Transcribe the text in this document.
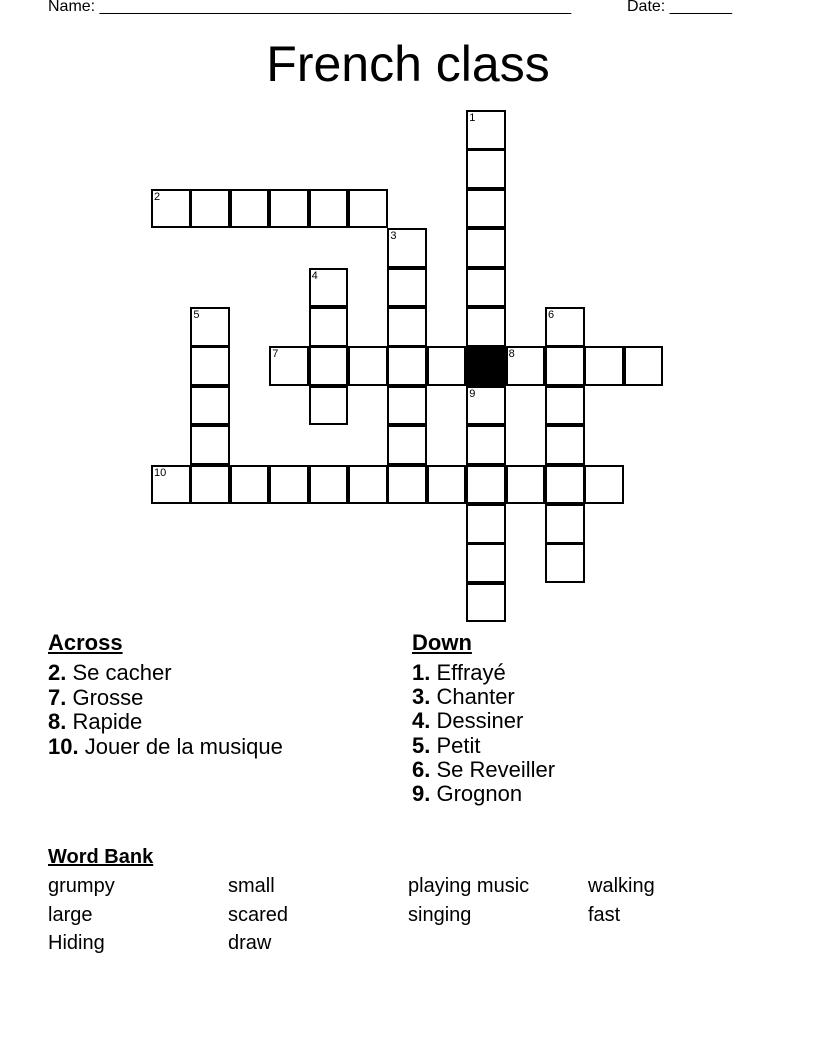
Name: _____________________________________________________	Date: _______
French class
1
9
2
3
4
5	6
7	8
10
Across
2. Se cacher
7. Grosse
8. Rapide
10. Jouer de la musique
Down
1. Effrayé
3. Chanter
4. Dessiner
5. Petit
6. Se Reveiller
9. Grognon
Word Bank
grumpy	small	playing music	walking
large	scared	singing	fast
Hiding	draw
